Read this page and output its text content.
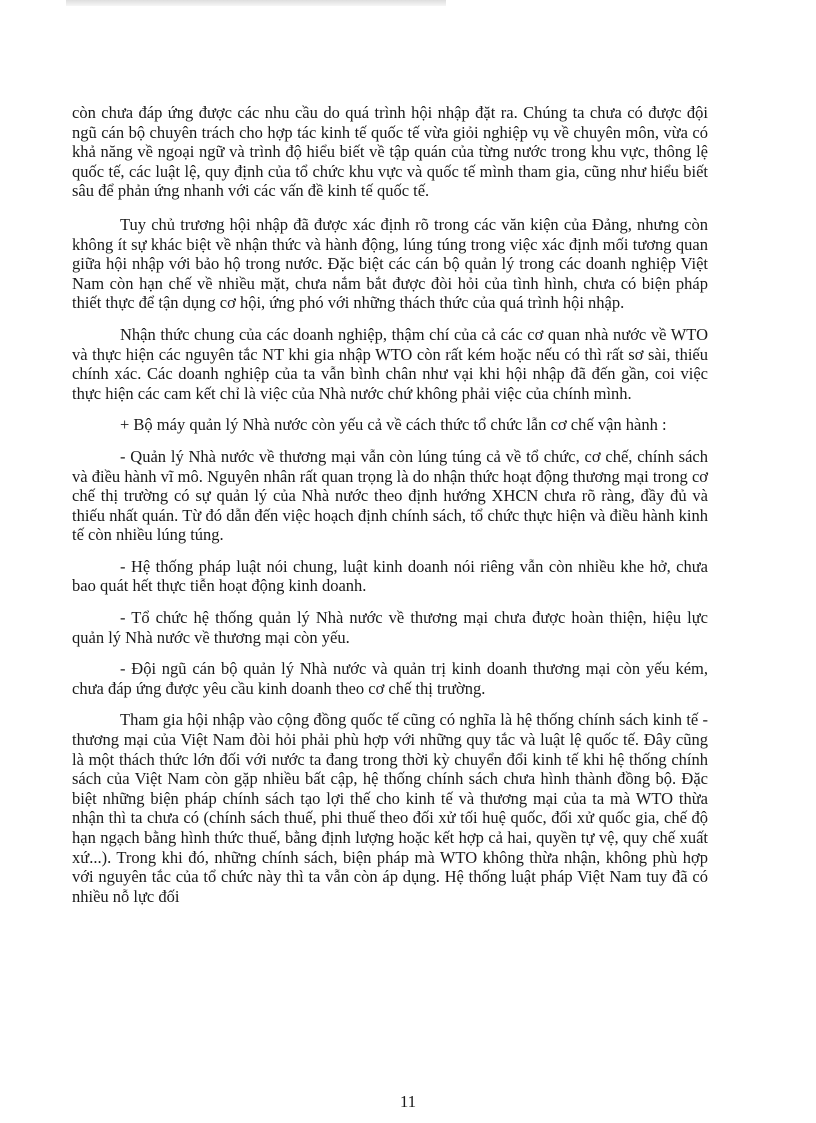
còn chưa đáp ứng được các nhu cầu do quá trình hội nhập đặt ra. Chúng ta chưa có được đội ngũ cán bộ chuyên trách cho hợp tác kinh tế quốc tế vừa giỏi nghiệp vụ về chuyên môn, vừa có khả năng về ngoại ngữ và trình độ hiểu biết về tập quán của từng nước trong khu vực, thông lệ quốc tế, các luật lệ, quy định của tổ chức khu vực và quốc tế mình tham gia, cũng như hiểu biết sâu để phản ứng nhanh với các vấn đề kinh tế quốc tế.

Tuy chủ trương hội nhập đã được xác định rõ trong các văn kiện của Đảng, nhưng còn không ít sự khác biệt về nhận thức và hành động, lúng túng trong việc xác định mối tương quan giữa hội nhập với bảo hộ trong nước. Đặc biệt các cán bộ quản lý trong các doanh nghiệp Việt Nam còn hạn chế về nhiều mặt, chưa nắm bắt được đòi hỏi của tình hình, chưa có biện pháp thiết thực để tận dụng cơ hội, ứng phó với những thách thức của quá trình hội nhập.

Nhận thức chung của các doanh nghiệp, thậm chí của cả các cơ quan nhà nước về WTO và thực hiện các nguyên tắc NT khi gia nhập WTO còn rất kém hoặc nếu có thì rất sơ sài, thiếu chính xác. Các doanh nghiệp của ta vẫn bình chân như vại khi hội nhập đã đến gần, coi việc thực hiện các cam kết chỉ là việc của Nhà nước chứ không phải việc của chính mình.

+ Bộ máy quản lý Nhà nước còn yếu cả về cách thức tổ chức lẫn cơ chế vận hành :

- Quản lý Nhà nước về thương mại vẫn còn lúng túng cả về tổ chức, cơ chế, chính sách và điều hành vĩ mô. Nguyên nhân rất quan trọng là do nhận thức hoạt động thương mại trong cơ chế thị trường có sự quản lý của Nhà nước theo định hướng XHCN chưa rõ ràng, đầy đủ và thiếu nhất quán. Từ đó dẫn đến việc hoạch định chính sách, tổ chức thực hiện và điều hành kinh tế còn nhiều lúng túng.

- Hệ thống pháp luật nói chung, luật kinh doanh nói riêng vẫn còn nhiều khe hở, chưa bao quát hết thực tiễn hoạt động kinh doanh.

- Tổ chức hệ thống quản lý Nhà nước về thương mại chưa được hoàn thiện, hiệu lực quản lý Nhà nước về thương mại còn yếu.

- Đội ngũ cán bộ quản lý Nhà nước và quản trị kinh doanh thương mại còn yếu kém, chưa đáp ứng được yêu cầu kinh doanh theo cơ chế thị trường.

Tham gia hội nhập vào cộng đồng quốc tế cũng có nghĩa là hệ thống chính sách kinh tế - thương mại của Việt Nam đòi hỏi phải phù hợp với những quy tắc và luật lệ quốc tế. Đây cũng là một thách thức lớn đối với nước ta đang trong thời kỳ chuyển đổi kinh tế khi hệ thống chính sách của Việt Nam còn gặp nhiều bất cập, hệ thống chính sách chưa hình thành đồng bộ. Đặc biệt những biện pháp chính sách tạo lợi thế cho kinh tế và thương mại của ta mà WTO thừa nhận thì ta chưa có (chính sách thuế, phi thuế theo đối xử tối huệ quốc, đối xử quốc gia, chế độ hạn ngạch bằng hình thức thuế, bằng định lượng hoặc kết hợp cả hai, quyền tự vệ, quy chế xuất xứ...). Trong khi đó, những chính sách, biện pháp mà WTO không thừa nhận, không phù hợp với nguyên tắc của tổ chức này thì ta vẫn còn áp dụng. Hệ thống luật pháp Việt Nam tuy đã có nhiều nỗ lực đối

11
